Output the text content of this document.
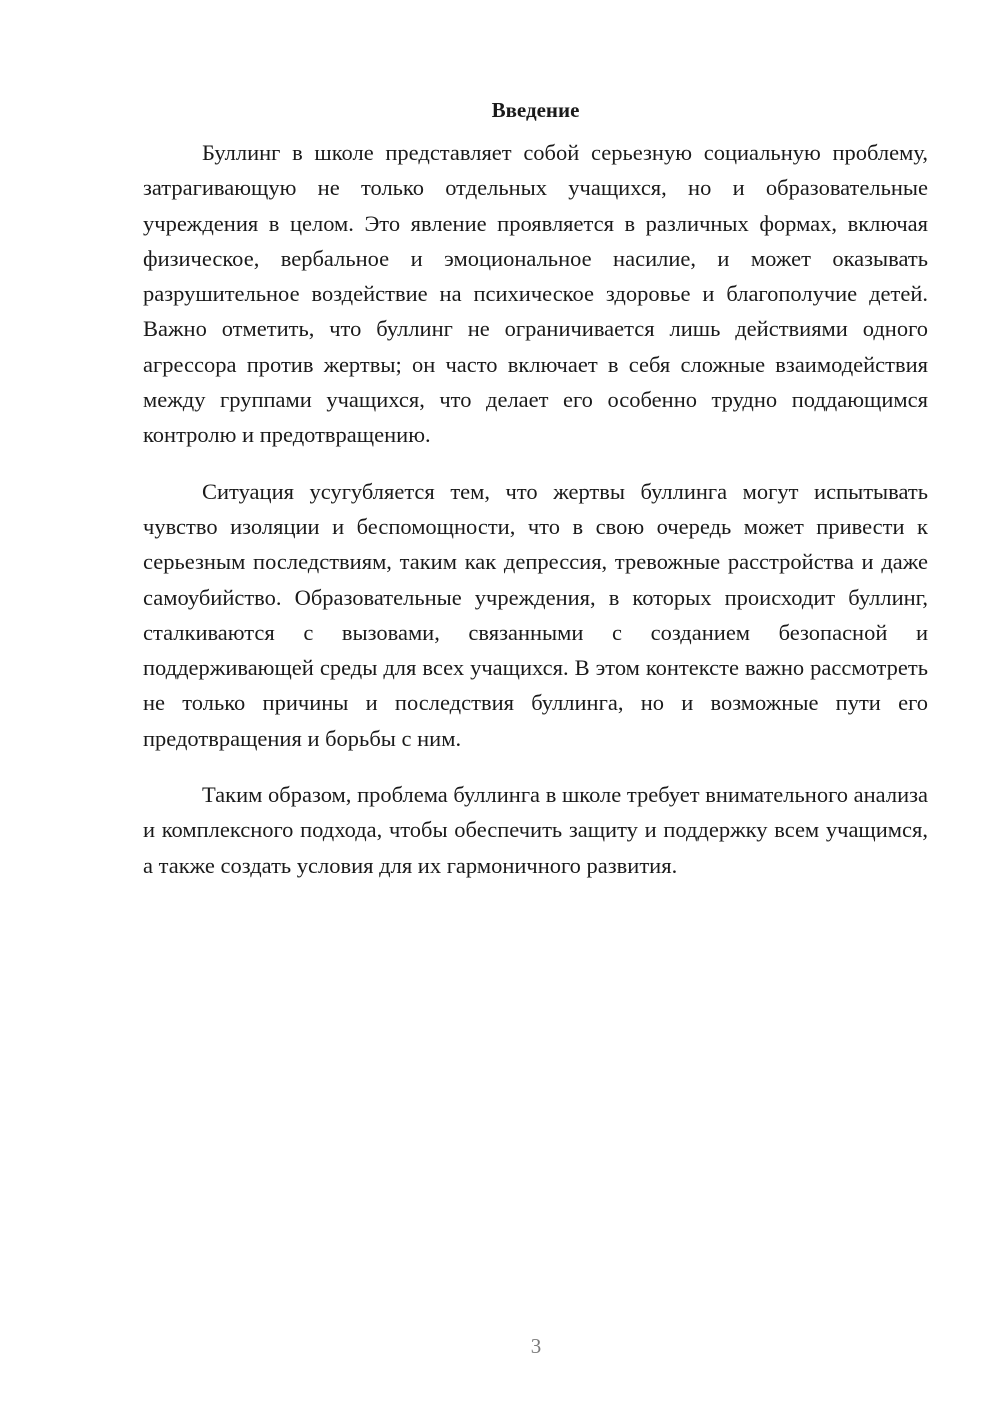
Введение

Буллинг в школе представляет собой серьезную социальную проблему, затрагивающую не только отдельных учащихся, но и образовательные учреждения в целом. Это явление проявляется в различных формах, включая физическое, вербальное и эмоциональное насилие, и может оказывать разрушительное воздействие на психическое здоровье и благополучие детей. Важно отметить, что буллинг не ограничивается лишь действиями одного агрессора против жертвы; он часто включает в себя сложные взаимодействия между группами учащихся, что делает его особенно трудно поддающимся контролю и предотвращению.

Ситуация усугубляется тем, что жертвы буллинга могут испытывать чувство изоляции и беспомощности, что в свою очередь может привести к серьезным последствиям, таким как депрессия, тревожные расстройства и даже самоубийство. Образовательные учреждения, в которых происходит буллинг, сталкиваются с вызовами, связанными с созданием безопасной и поддерживающей среды для всех учащихся. В этом контексте важно рассмотреть не только причины и последствия буллинга, но и возможные пути его предотвращения и борьбы с ним.

Таким образом, проблема буллинга в школе требует внимательного анализа и комплексного подхода, чтобы обеспечить защиту и поддержку всем учащимся, а также создать условия для их гармоничного развития.

3
